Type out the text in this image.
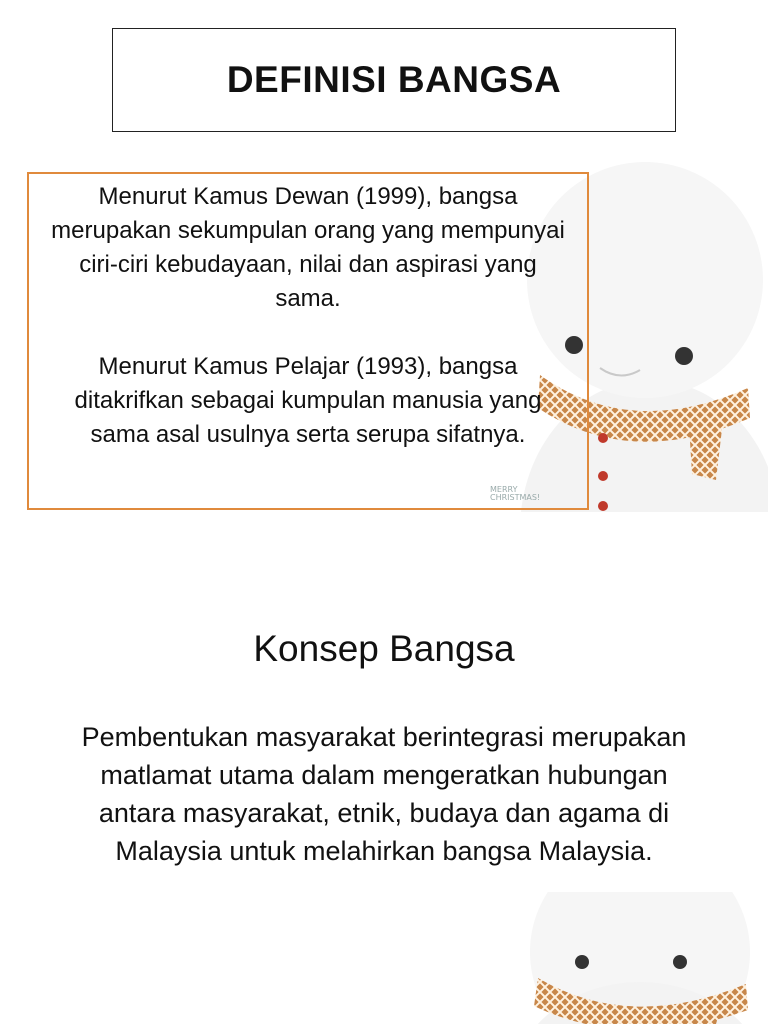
DEFINISI BANGSA

Menurut Kamus Dewan (1999), bangsa merupakan sekumpulan orang yang mempunyai ciri-ciri kebudayaan, nilai dan aspirasi yang sama.

Menurut Kamus Pelajar (1993), bangsa ditakrifkan sebagai kumpulan manusia yang sama asal usulnya serta serupa sifatnya.

MERRY
CHRISTMAS!
Konsep Bangsa
Pembentukan masyarakat berintegrasi merupakan matlamat utama dalam mengeratkan hubungan antara masyarakat, etnik, budaya dan agama di Malaysia untuk melahirkan bangsa Malaysia.
